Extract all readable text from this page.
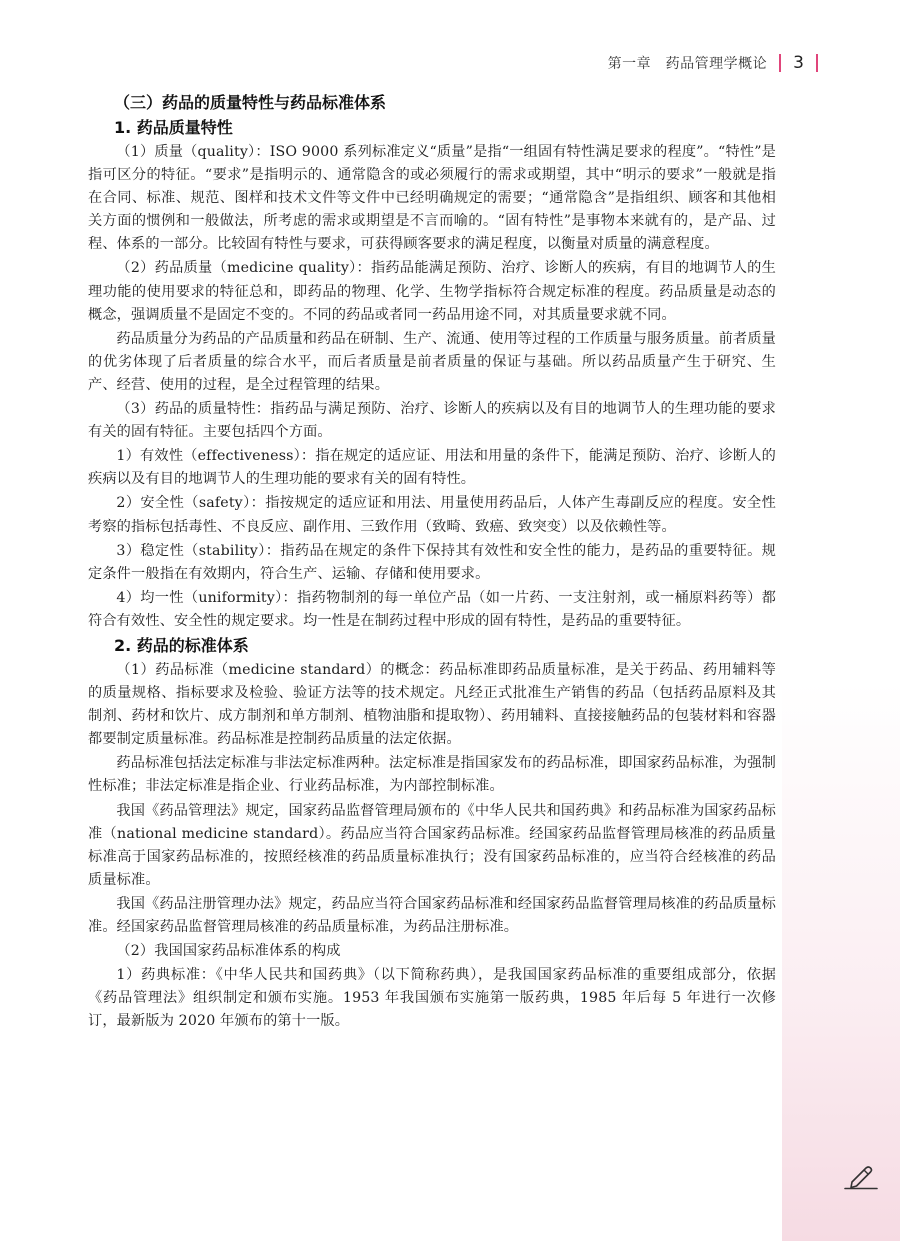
第一章　药品管理学概论 3
（三）药品的质量特性与药品标准体系
1. 药品质量特性

（1）质量（quality）：ISO 9000 系列标准定义“质量”是指“一组固有特性满足要求的程度”。“特性”是指可区分的特征。“要求”是指明示的、通常隐含的或必须履行的需求或期望，其中“明示的要求”一般就是指在合同、标准、规范、图样和技术文件等文件中已经明确规定的需要；“通常隐含”是指组织、顾客和其他相关方面的惯例和一般做法，所考虑的需求或期望是不言而喻的。“固有特性”是事物本来就有的，是产品、过程、体系的一部分。比较固有特性与要求，可获得顾客要求的满足程度，以衡量对质量的满意程度。

（2）药品质量（medicine quality）：指药品能满足预防、治疗、诊断人的疾病，有目的地调节人的生理功能的使用要求的特征总和，即药品的物理、化学、生物学指标符合规定标准的程度。药品质量是动态的概念，强调质量不是固定不变的。不同的药品或者同一药品用途不同，对其质量要求就不同。

药品质量分为药品的产品质量和药品在研制、生产、流通、使用等过程的工作质量与服务质量。前者质量的优劣体现了后者质量的综合水平，而后者质量是前者质量的保证与基础。所以药品质量产生于研究、生产、经营、使用的过程，是全过程管理的结果。

（3）药品的质量特性：指药品与满足预防、治疗、诊断人的疾病以及有目的地调节人的生理功能的要求有关的固有特征。主要包括四个方面。

1）有效性（effectiveness）：指在规定的适应证、用法和用量的条件下，能满足预防、治疗、诊断人的疾病以及有目的地调节人的生理功能的要求有关的固有特性。

2）安全性（safety）：指按规定的适应证和用法、用量使用药品后，人体产生毒副反应的程度。安全性考察的指标包括毒性、不良反应、副作用、三致作用（致畸、致癌、致突变）以及依赖性等。

3）稳定性（stability）：指药品在规定的条件下保持其有效性和安全性的能力，是药品的重要特征。规定条件一般指在有效期内，符合生产、运输、存储和使用要求。

4）均一性（uniformity）：指药物制剂的每一单位产品（如一片药、一支注射剂，或一桶原料药等）都符合有效性、安全性的规定要求。均一性是在制药过程中形成的固有特性，是药品的重要特征。

2. 药品的标准体系

（1）药品标准（medicine standard）的概念：药品标准即药品质量标准，是关于药品、药用辅料等的质量规格、指标要求及检验、验证方法等的技术规定。凡经正式批准生产销售的药品（包括药品原料及其制剂、药材和饮片、成方制剂和单方制剂、植物油脂和提取物）、药用辅料、直接接触药品的包装材料和容器都要制定质量标准。药品标准是控制药品质量的法定依据。

药品标准包括法定标准与非法定标准两种。法定标准是指国家发布的药品标准，即国家药品标准，为强制性标准；非法定标准是指企业、行业药品标准，为内部控制标准。

我国《药品管理法》规定，国家药品监督管理局颁布的《中华人民共和国药典》和药品标准为国家药品标准（national medicine standard）。药品应当符合国家药品标准。经国家药品监督管理局核准的药品质量标准高于国家药品标准的，按照经核准的药品质量标准执行；没有国家药品标准的，应当符合经核准的药品质量标准。

我国《药品注册管理办法》规定，药品应当符合国家药品标准和经国家药品监督管理局核准的药品质量标准。经国家药品监督管理局核准的药品质量标准，为药品注册标准。

（2）我国国家药品标准体系的构成

1）药典标准：《中华人民共和国药典》（以下简称药典），是我国国家药品标准的重要组成部分，依据《药品管理法》组织制定和颁布实施。1953 年我国颁布实施第一版药典，1985 年后每 5 年进行一次修订，最新版为 2020 年颁布的第十一版。
